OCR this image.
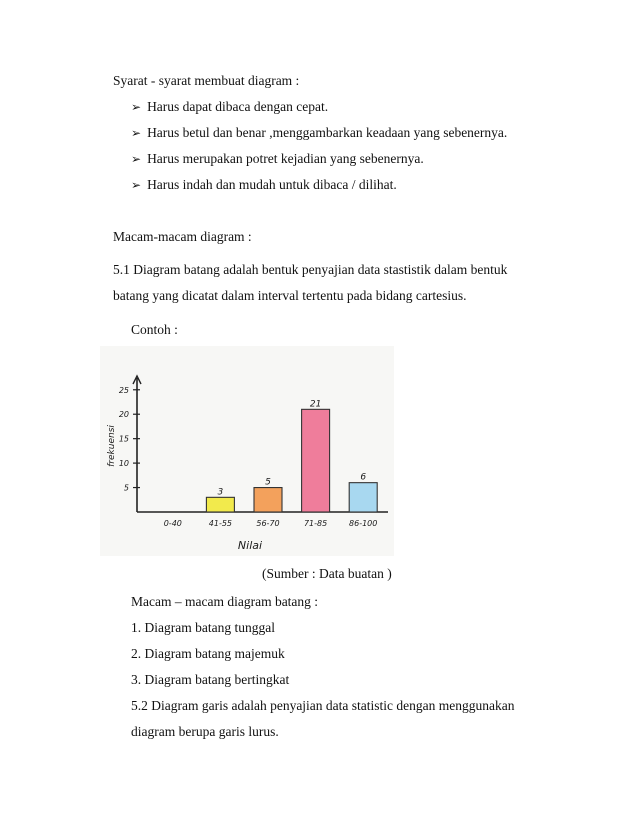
Syarat - syarat membuat diagram :
➢ Harus dapat dibaca dengan cepat.
➢ Harus betul dan benar ,menggambarkan keadaan yang sebenernya.
➢ Harus merupakan potret kejadian yang sebenernya.
➢ Harus indah dan mudah untuk dibaca / dilihat.
Macam-macam diagram :
5.1 Diagram batang adalah bentuk penyajian data stastistik dalam bentuk
batang yang dicatat dalam interval tertentu pada bidang cartesius.
Contoh :
5
10
15
20
25
0-40	41-55	56-70	71-85	86-100
3
5
21
6
frekuensi
Nilai
(Sumber : Data buatan )
Macam – macam diagram batang :
1. Diagram batang tunggal
2. Diagram batang majemuk
3. Diagram batang bertingkat
5.2 Diagram garis adalah penyajian data statistic dengan menggunakan
diagram berupa garis lurus.
